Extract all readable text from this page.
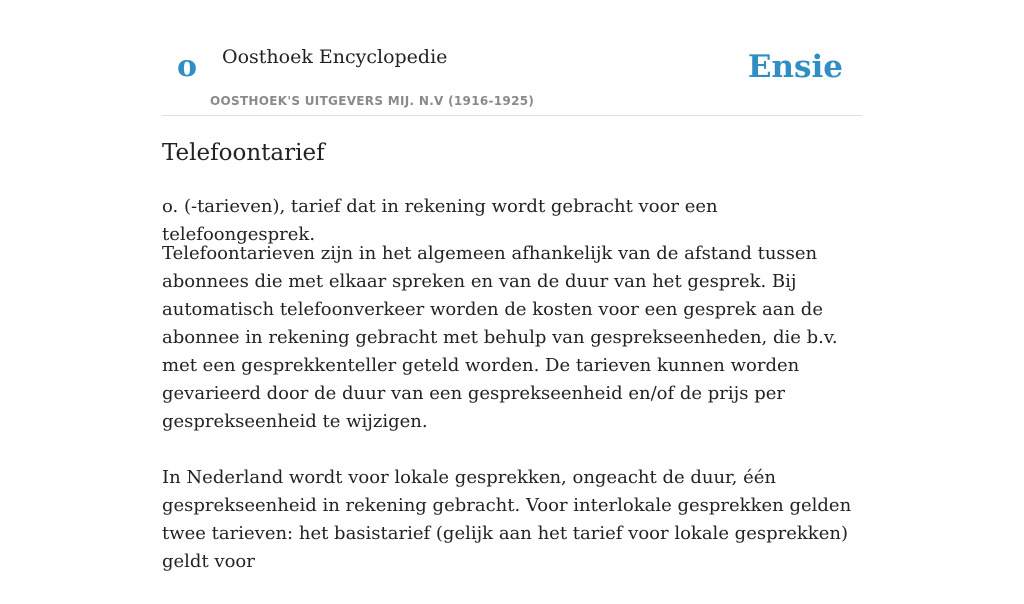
o Oosthoek Encyclopedie
OOSTHOEK'S UITGEVERS MIJ. N.V (1916-1925)
Ensie
Telefoontarief

o. (-tarieven), tarief dat in rekening wordt gebracht voor een telefoongesprek.

Telefoontarieven zijn in het algemeen afhankelijk van de afstand tussen abonnees die met elkaar spreken en van de duur van het gesprek. Bij automatisch telefoonverkeer worden de kosten voor een gesprek aan de abonnee in rekening gebracht met behulp van gesprekseenheden, die b.v. met een gesprekkenteller geteld worden. De tarieven kunnen worden gevarieerd door de duur van een gesprekseenheid en/of de prijs per gesprekseenheid te wijzigen.

In Nederland wordt voor lokale gesprekken, ongeacht de duur, één gesprekseenheid in rekening gebracht. Voor interlokale gesprekken gelden twee tarieven: het basistarief (gelijk aan het tarief voor lokale gesprekken) geldt voor
